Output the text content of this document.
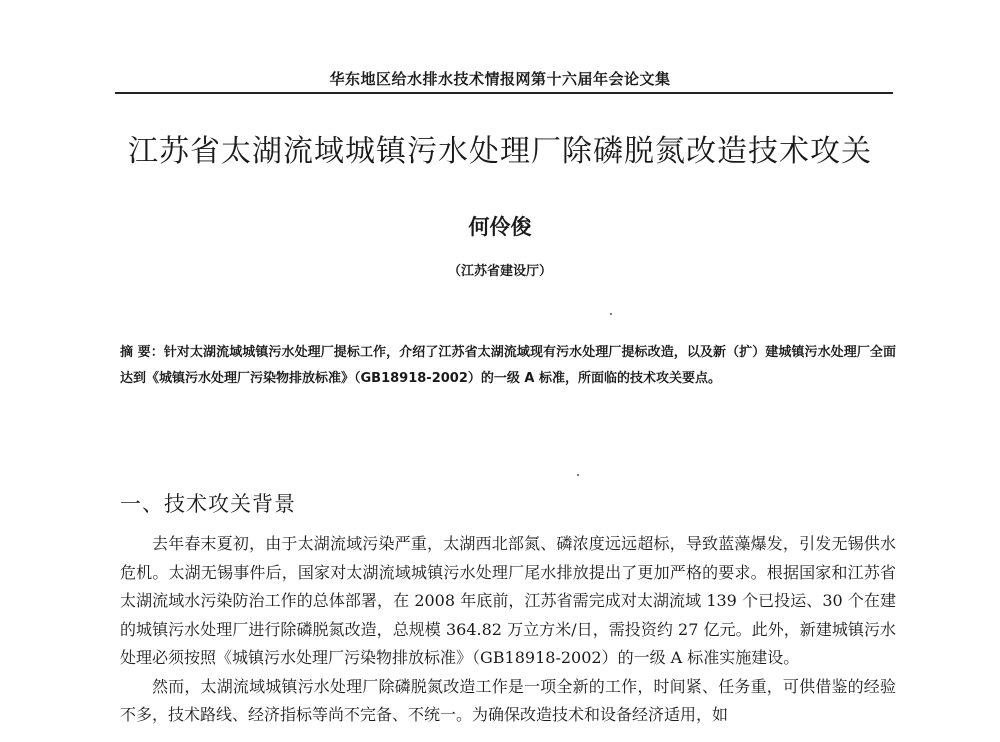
华东地区给水排水技术情报网第十六届年会论文集
江苏省太湖流域城镇污水处理厂除磷脱氮改造技术攻关
何伶俊
（江苏省建设厅）
摘 要：针对太湖流域城镇污水处理厂提标工作，介绍了江苏省太湖流域现有污水处理厂提标改造，以及新（扩）建城镇污水处理厂全面达到《城镇污水处理厂污染物排放标准》（GB18918-2002）的一级 A 标准，所面临的技术攻关要点。
一、技术攻关背景

去年春末夏初，由于太湖流域污染严重，太湖西北部氮、磷浓度远远超标，导致蓝藻爆发，引发无锡供水危机。太湖无锡事件后，国家对太湖流域城镇污水处理厂尾水排放提出了更加严格的要求。根据国家和江苏省太湖流域水污染防治工作的总体部署，在 2008 年底前，江苏省需完成对太湖流域 139 个已投运、30 个在建的城镇污水处理厂进行除磷脱氮改造，总规模 364.82 万立方米/日，需投资约 27 亿元。此外，新建城镇污水处理必须按照《城镇污水处理厂污染物排放标准》（GB18918-2002）的一级 A 标准实施建设。

然而，太湖流域城镇污水处理厂除磷脱氮改造工作是一项全新的工作，时间紧、任务重，可供借鉴的经验不多，技术路线、经济指标等尚不完备、不统一。为确保改造技术和设备经济适用，如
